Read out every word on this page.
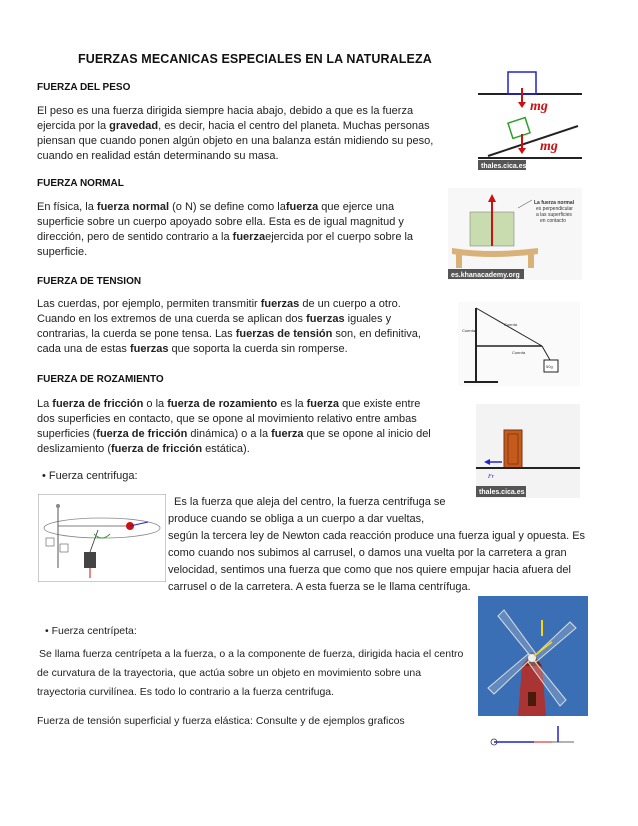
FUERZAS MECANICAS ESPECIALES EN LA NATURALEZA
FUERZA DEL PESO
El peso es una fuerza dirigida siempre hacia abajo, debido a que es la fuerza
ejercida por la gravedad, es decir, hacia el centro del planeta. Muchas personas
piensan que cuando ponen algún objeto en una balanza están midiendo su peso,
cuando en realidad están determinando su masa.
mg
mg
thales.cica.es
FUERZA NORMAL
En física, la fuerza normal (o N) se define como lafuerza que ejerce una
superficie sobre un cuerpo apoyado sobre ella. Esta es de igual magnitud y
dirección, pero de sentido contrario a la fuerzaejercida por el cuerpo sobre la
superficie.
La fuerza normal es perpendicular a las superficies en contacto
es.khanacademy.org
FUERZA DE TENSION
Las cuerdas, por ejemplo, permiten transmitir fuerzas de un cuerpo a otro.
Cuando en los extremos de una cuerda se aplican dos fuerzas iguales y
contrarias, la cuerda se pone tensa. Las fuerzas de tensión son, en definitiva,
cada una de estas fuerzas que soporta la cuerda sin romperse.
Cuerda
Cuerda
Cuerda
50g
FUERZA DE ROZAMIENTO
La fuerza de fricción o la fuerza de rozamiento es la fuerza que existe entre
dos superficies en contacto, que se opone al movimiento relativo entre ambas
superficies (fuerza de fricción dinámica) o a la fuerza que se opone al inicio del
deslizamiento (fuerza de fricción estática).
Fr
thales.cica.es
• Fuerza centrifuga:
Es la fuerza que aleja del centro, la fuerza centrifuga se
produce cuando se obliga a un cuerpo a dar vueltas,
según la tercera ley de Newton cada reacción produce una fuerza igual y opuesta. Es
como cuando nos subimos al carrusel, o damos una vuelta por la carretera a gran
velocidad, sentimos una fuerza que como que nos quiere empujar hacia afuera del
carrusel o de la carretera. A esta fuerza se le llama centrífuga.
• Fuerza centrípeta:
Se llama fuerza centrípeta a la fuerza, o a la componente de fuerza, dirigida hacia el centro
de curvatura de la trayectoria, que actúa sobre un objeto en movimiento sobre una
trayectoria curvilínea. Es todo lo contrario a la fuerza centrifuga.
Fuerza de tensión superficial y fuerza elástica: Consulte y de ejemplos graficos
